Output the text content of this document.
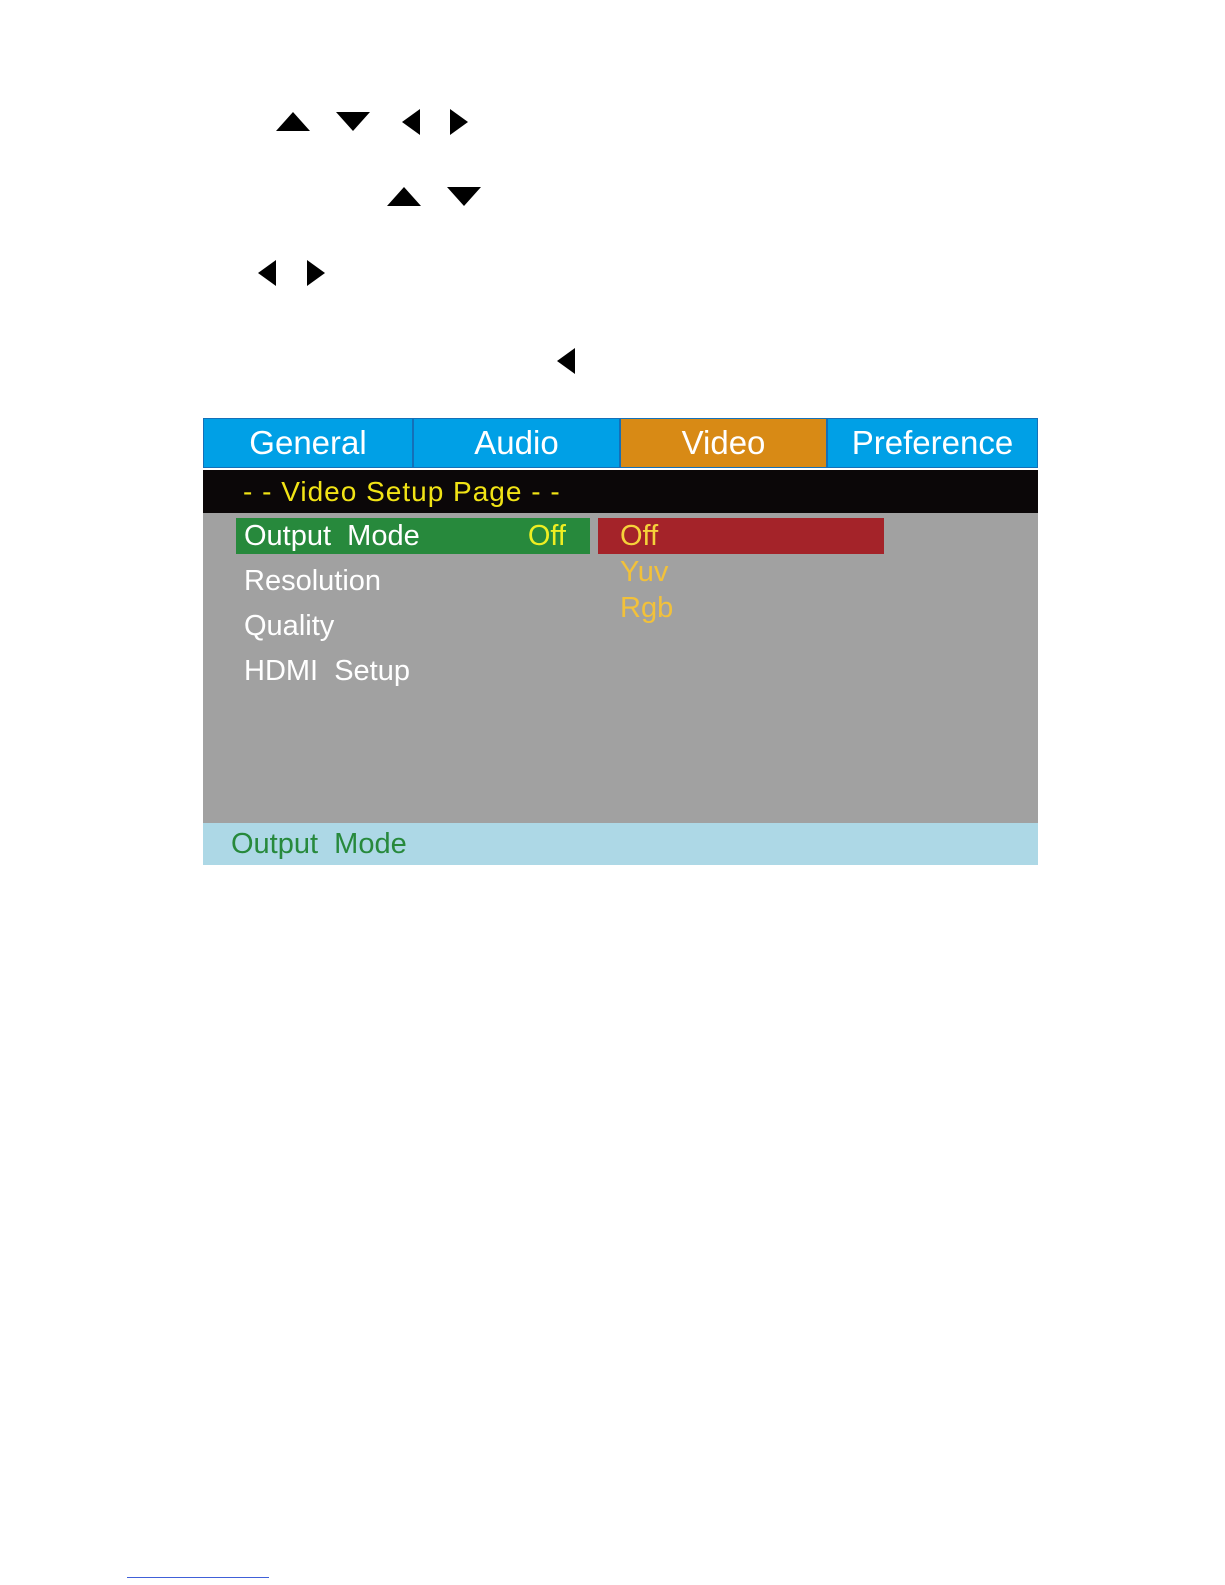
General	Audio	Video	Preference
- - Video Setup Page - -
Output  Mode	Off
Resolution
Quality
HDMI  Setup
Off
Yuv
Rgb
Output  Mode
